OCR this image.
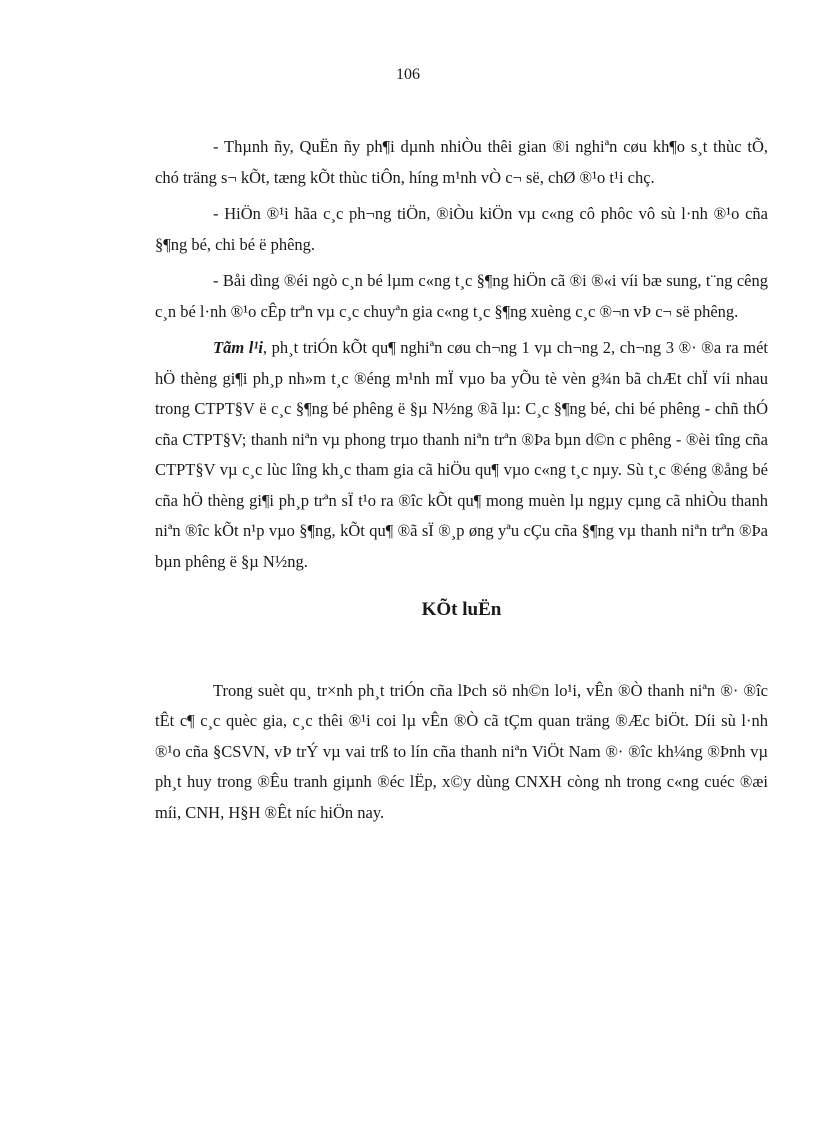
106

- Thµnh ñy, QuËn ñy ph¶i dµnh nhiÒu thêi gian ®i nghiªn cøu kh¶o s¸t thùc tÕ, chó träng s¬ kÕt, tæng kÕt thùc tiÔn, híng m¹nh vÒ c¬ së, chØ ®¹o t¹i chç.

- HiÖn ®¹i hãa c¸c ph¬ng tiÖn, ®iÒu kiÖn vµ c«ng cô phôc vô sù l·nh ®¹o cña §¶ng bé, chi bé ë phêng.

- Båi dìng ®éi ngò c¸n bé lµm c«ng t¸c §¶ng hiÖn cã ®i ®«i víi bæ sung, t¨ng cêng c¸n bé l·nh ®¹o cÊp trªn vµ c¸c chuyªn gia c«ng t¸c §¶ng xuèng c¸c ®¬n vÞ c¬ së phêng.

Tãm l¹i, ph¸t triÓn kÕt qu¶ nghiªn cøu ch¬ng 1 vµ ch¬ng 2, ch¬ng 3 ®· ®a ra mét hÖ thèng gi¶i ph¸p nh»m t¸c ®éng m¹nh mÏ vµo ba yÕu tè vèn g¾n bã chÆt chÏ víi nhau trong CTPT§V ë c¸c §¶ng bé phêng ë §µ N½ng ®ã lµ: C¸c §¶ng bé, chi bé phêng - chñ thÓ cña CTPT§V; thanh niªn vµ phong trµo thanh niªn trªn ®Þa bµn d©n c phêng - ®èi tîng cña CTPT§V vµ c¸c lùc lîng kh¸c tham gia cã hiÖu qu¶ vµo c«ng t¸c nµy. Sù t¸c ®éng ®ång bé cña hÖ thèng gi¶i ph¸p trªn sÏ t¹o ra ®îc kÕt qu¶ mong muèn lµ ngµy cµng cã nhiÒu thanh niªn ®îc kÕt n¹p vµo §¶ng, kÕt qu¶ ®ã sÏ ®¸p øng yªu cÇu cña §¶ng vµ thanh niªn trªn ®Þa bµn phêng ë §µ N½ng.

KÕt luËn

Trong suèt qu¸ tr×nh ph¸t triÓn cña lÞch sö nh©n lo¹i, vÊn ®Ò thanh niªn ®· ®îc tÊt c¶ c¸c quèc gia, c¸c thêi ®¹i coi lµ vÊn ®Ò cã tÇm quan träng ®Æc biÖt. Díi sù l·nh ®¹o cña §CSVN, vÞ trÝ vµ vai trß to lín cña thanh niªn ViÖt Nam ®· ®îc kh¼ng ®Þnh vµ ph¸t huy trong ®Êu tranh giµnh ®éc lËp, x©y dùng CNXH còng nh trong c«ng cuéc ®æi míi, CNH, H§H ®Êt níc hiÖn nay.
